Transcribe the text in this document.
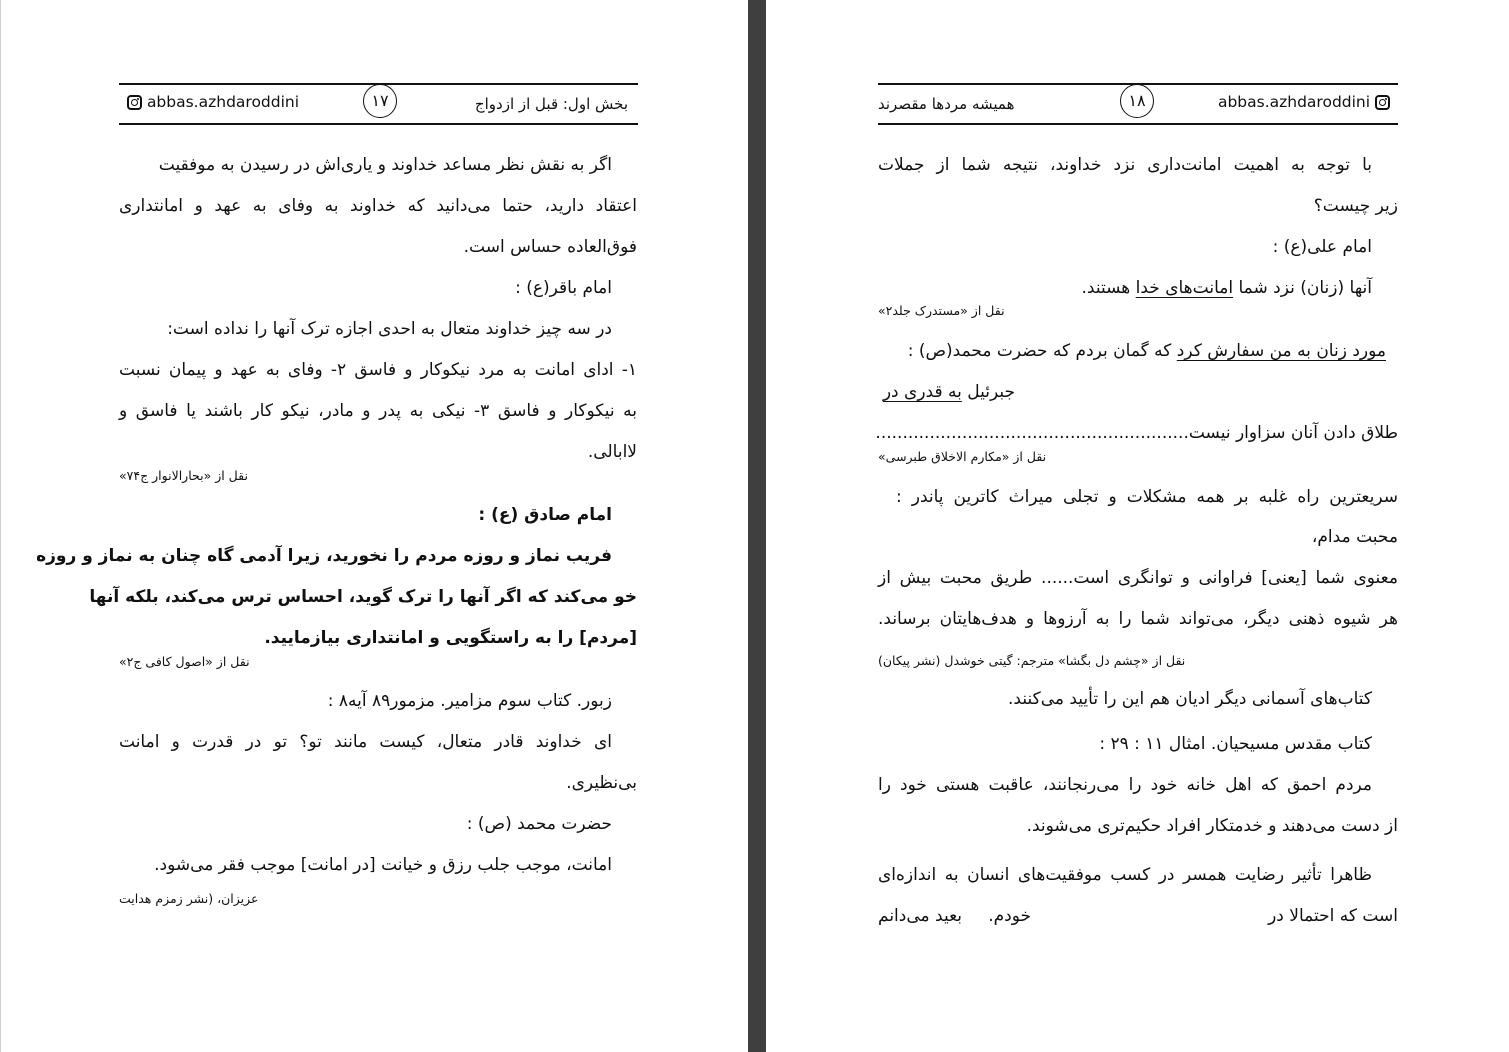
abbas.azhdaroddini	۱۷	بخش اول: قبل از ازدواج
اگر به نقش نظر مساعد خداوند و یاری‌اش در رسیدن به موفقیت
اعتقاد دارید، حتما می‌دانید که خداوند به وفای به عهد و امانتداری
فوق‌العاده حساس است.
امام باقر(ع) :
در سه چیز خداوند متعال به احدی اجازه ترک آنها را نداده است:
۱- ادای امانت به مرد نیکوکار و فاسق ۲- وفای به عهد و پیمان نسبت
به نیکوکار و فاسق ۳- نیکی به پدر و مادر، نیکو کار باشند یا فاسق و
لاابالی.
نقل از «بحارالانوار ج۷۴»
امام صادق (ع) :
فریب نماز و روزه مردم را نخورید، زیرا آدمی گاه چنان به نماز و روزه
خو می‌کند که اگر آنها را ترک گوید، احساس ترس می‌کند، بلکه آنها
[مردم] را به راستگویی و امانتداری بیازمایید.
نقل از «اصول کافی ج۲»
زبور. کتاب سوم مزامیر. مزمور۸۹ آیه۸ :
ای خداوند قادر متعال، کیست مانند تو؟ تو در قدرت و امانت
بی‌نظیری.
حضرت محمد (ص) :
امانت، موجب جلب رزق و خیانت [در امانت] موجب فقر می‌شود.
عزیزان، (نشر زمزم هدایت
abbas.azhdaroddini
۱۸
همیشه مردها مقصرند
با توجه به اهمیت امانت‌داری نزد خداوند، نتیجه شما از جملات
زیر چیست؟
امام علی(ع) :
آنها (زنان) نزد شما امانت‌های خدا هستند.
نقل از «مستدرک جلد۲»
مورد زنان به من سفارش کرد که گمان بردم که حضرت محمد(ص) :
جبرئیل به قدری در
طلاق دادن آنان سزاوار نیست..........................................................
نقل از «مکارم الاخلاق طبرسی»
سریعترین راه غلبه بر همه مشکلات و تجلی میراث کاترین پاندر :
محبت مدام،
معنوی شما [یعنی] فراوانی و توانگری است...... طریق محبت بیش از
هر شیوه ذهنی دیگر، می‌تواند شما را به آرزوها و هدف‌هایتان برساند.
نقل از «چشم دل بگشا» مترجم: گیتی خوشدل (نشر پیکان)
کتاب‌های آسمانی دیگر ادیان هم این را تأیید می‌کنند.
کتاب مقدس مسیحیان. امثال ۱۱ : ۲۹ :
مردم احمق که اهل خانه خود را می‌رنجانند، عاقبت هستی خود را
از دست می‌دهند و خدمتکار افراد حکیم‌تری می‌شوند.
ظاهرا تأثیر رضایت همسر در کسب موفقیت‌های انسان به اندازه‌ای
است که احتمالا در
خودم.
بعید می‌دانم
